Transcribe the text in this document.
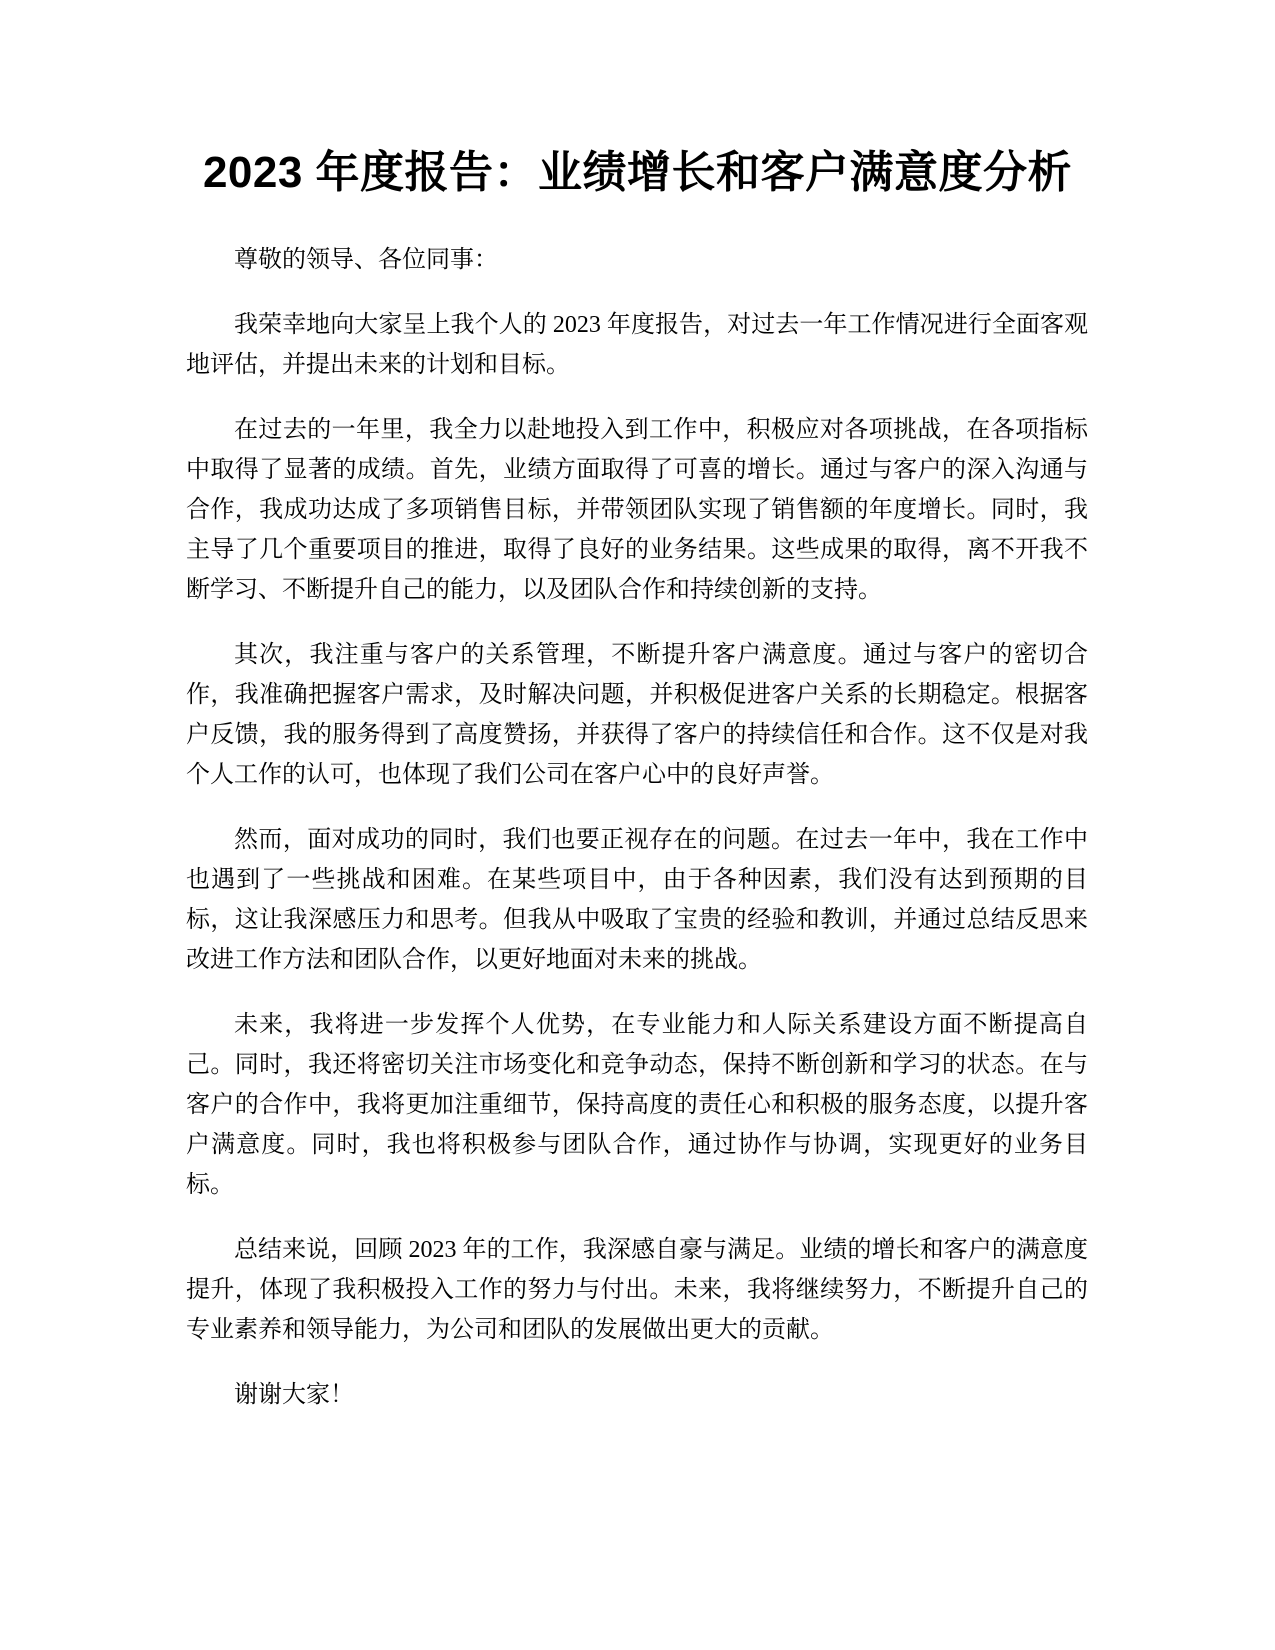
2023 年度报告：业绩增长和客户满意度分析

尊敬的领导、各位同事：

我荣幸地向大家呈上我个人的 2023 年度报告，对过去一年工作情况进行全面客观地评估，并提出未来的计划和目标。

在过去的一年里，我全力以赴地投入到工作中，积极应对各项挑战，在各项指标中取得了显著的成绩。首先，业绩方面取得了可喜的增长。通过与客户的深入沟通与合作，我成功达成了多项销售目标，并带领团队实现了销售额的年度增长。同时，我主导了几个重要项目的推进，取得了良好的业务结果。这些成果的取得，离不开我不断学习、不断提升自己的能力，以及团队合作和持续创新的支持。

其次，我注重与客户的关系管理，不断提升客户满意度。通过与客户的密切合作，我准确把握客户需求，及时解决问题，并积极促进客户关系的长期稳定。根据客户反馈，我的服务得到了高度赞扬，并获得了客户的持续信任和合作。这不仅是对我个人工作的认可，也体现了我们公司在客户心中的良好声誉。

然而，面对成功的同时，我们也要正视存在的问题。在过去一年中，我在工作中也遇到了一些挑战和困难。在某些项目中，由于各种因素，我们没有达到预期的目标，这让我深感压力和思考。但我从中吸取了宝贵的经验和教训，并通过总结反思来改进工作方法和团队合作，以更好地面对未来的挑战。

未来，我将进一步发挥个人优势，在专业能力和人际关系建设方面不断提高自己。同时，我还将密切关注市场变化和竞争动态，保持不断创新和学习的状态。在与客户的合作中，我将更加注重细节，保持高度的责任心和积极的服务态度，以提升客户满意度。同时，我也将积极参与团队合作，通过协作与协调，实现更好的业务目标。

总结来说，回顾 2023 年的工作，我深感自豪与满足。业绩的增长和客户的满意度提升，体现了我积极投入工作的努力与付出。未来，我将继续努力，不断提升自己的专业素养和领导能力，为公司和团队的发展做出更大的贡献。

谢谢大家！
